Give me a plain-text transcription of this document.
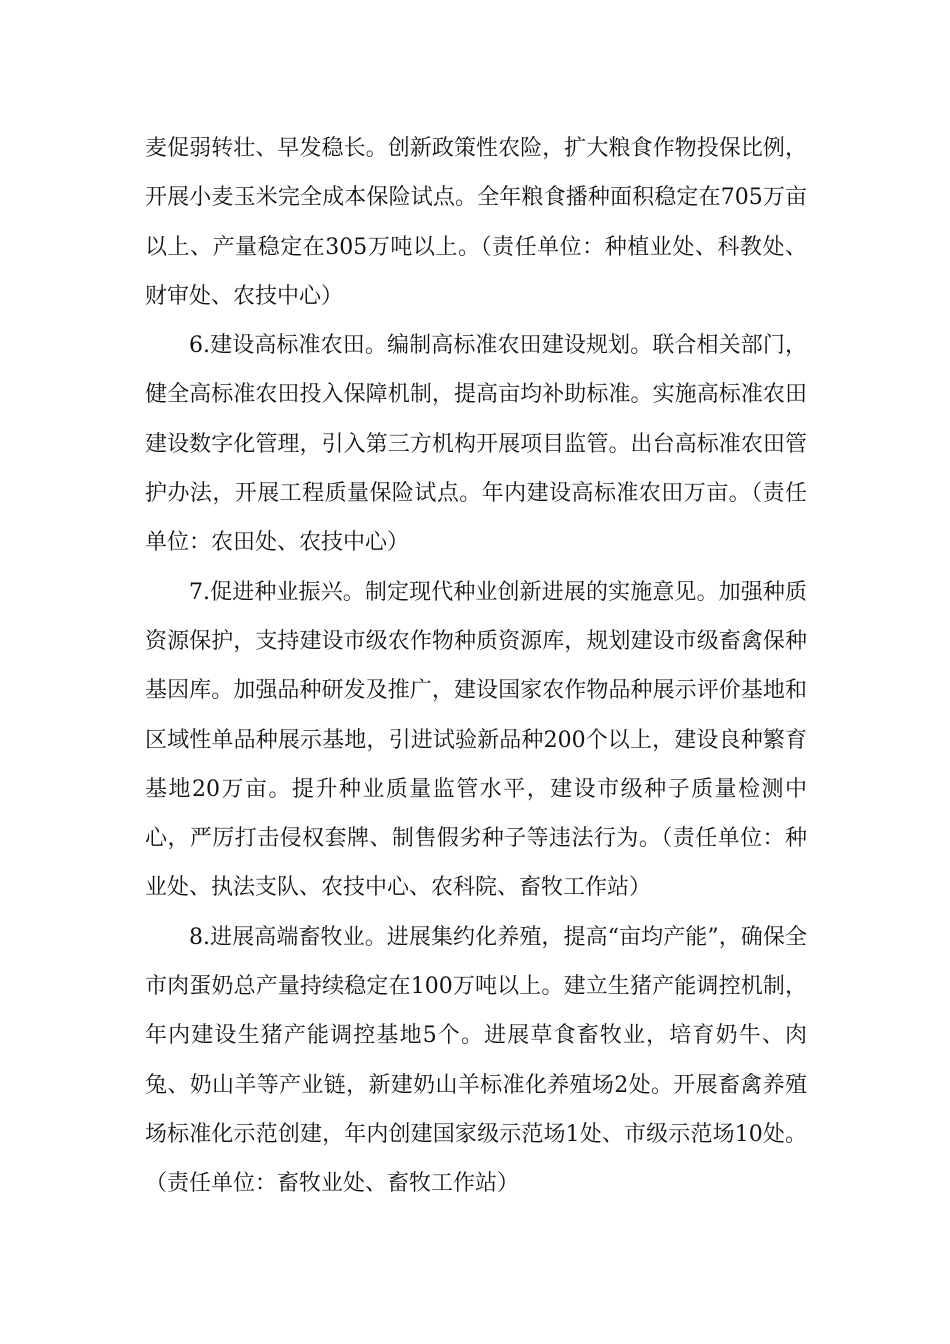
麦促弱转壮、早发稳长。创新政策性农险，扩大粮食作物投保比例，开展小麦玉米完全成本保险试点。全年粮食播种面积稳定在705万亩以上、产量稳定在305万吨以上。（责任单位：种植业处、科教处、财审处、农技中心）

6.建设高标准农田。编制高标准农田建设规划。联合相关部门，健全高标准农田投入保障机制，提高亩均补助标准。实施高标准农田建设数字化管理，引入第三方机构开展项目监管。出台高标准农田管护办法，开展工程质量保险试点。年内建设高标准农田万亩。（责任单位：农田处、农技中心）

7.促进种业振兴。制定现代种业创新进展的实施意见。加强种质资源保护，支持建设市级农作物种质资源库，规划建设市级畜禽保种基因库。加强品种研发及推广，建设国家农作物品种展示评价基地和区域性单品种展示基地，引进试验新品种200个以上，建设良种繁育基地20万亩。提升种业质量监管水平，建设市级种子质量检测中心，严厉打击侵权套牌、制售假劣种子等违法行为。（责任单位：种业处、执法支队、农技中心、农科院、畜牧工作站）

8.进展高端畜牧业。进展集约化养殖，提高“亩均产能”，确保全市肉蛋奶总产量持续稳定在100万吨以上。建立生猪产能调控机制，年内建设生猪产能调控基地5个。进展草食畜牧业，培育奶牛、肉兔、奶山羊等产业链，新建奶山羊标准化养殖场2处。开展畜禽养殖场标准化示范创建，年内创建国家级示范场1处、市级示范场10处。（责任单位：畜牧业处、畜牧工作站）
